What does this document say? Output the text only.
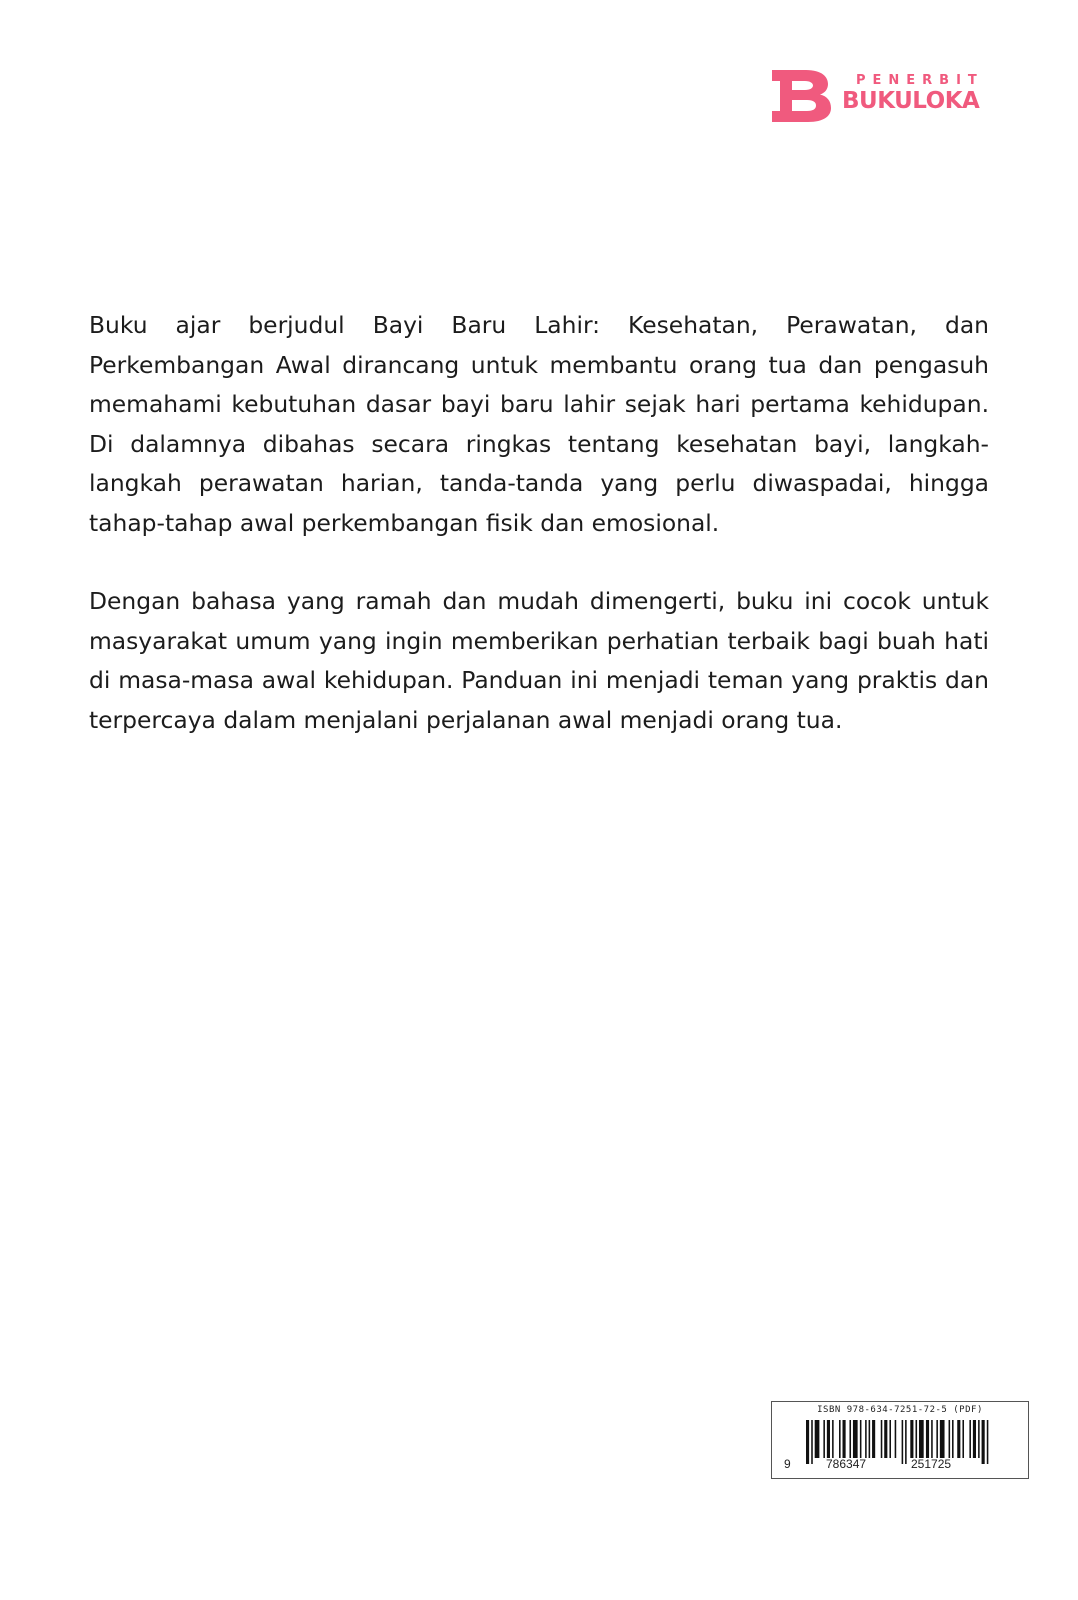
PENERBIT
BUKULOKA

Buku ajar berjudul Bayi Baru Lahir: Kesehatan, Perawatan, dan Perkembangan Awal dirancang untuk membantu orang tua dan pengasuh memahami kebutuhan dasar bayi baru lahir sejak hari pertama kehidupan. Di dalamnya dibahas secara ringkas tentang kesehatan bayi, langkah-langkah perawatan harian, tanda-tanda yang perlu diwaspadai, hingga tahap-tahap awal perkembangan fisik dan emosional.

Dengan bahasa yang ramah dan mudah dimengerti, buku ini cocok untuk masyarakat umum yang ingin memberikan perhatian terbaik bagi buah hati di masa-masa awal kehidupan. Panduan ini menjadi teman yang praktis dan terpercaya dalam menjalani perjalanan awal menjadi orang tua.

ISBN 978-634-7251-72-5 (PDF)
9	786347	251725
